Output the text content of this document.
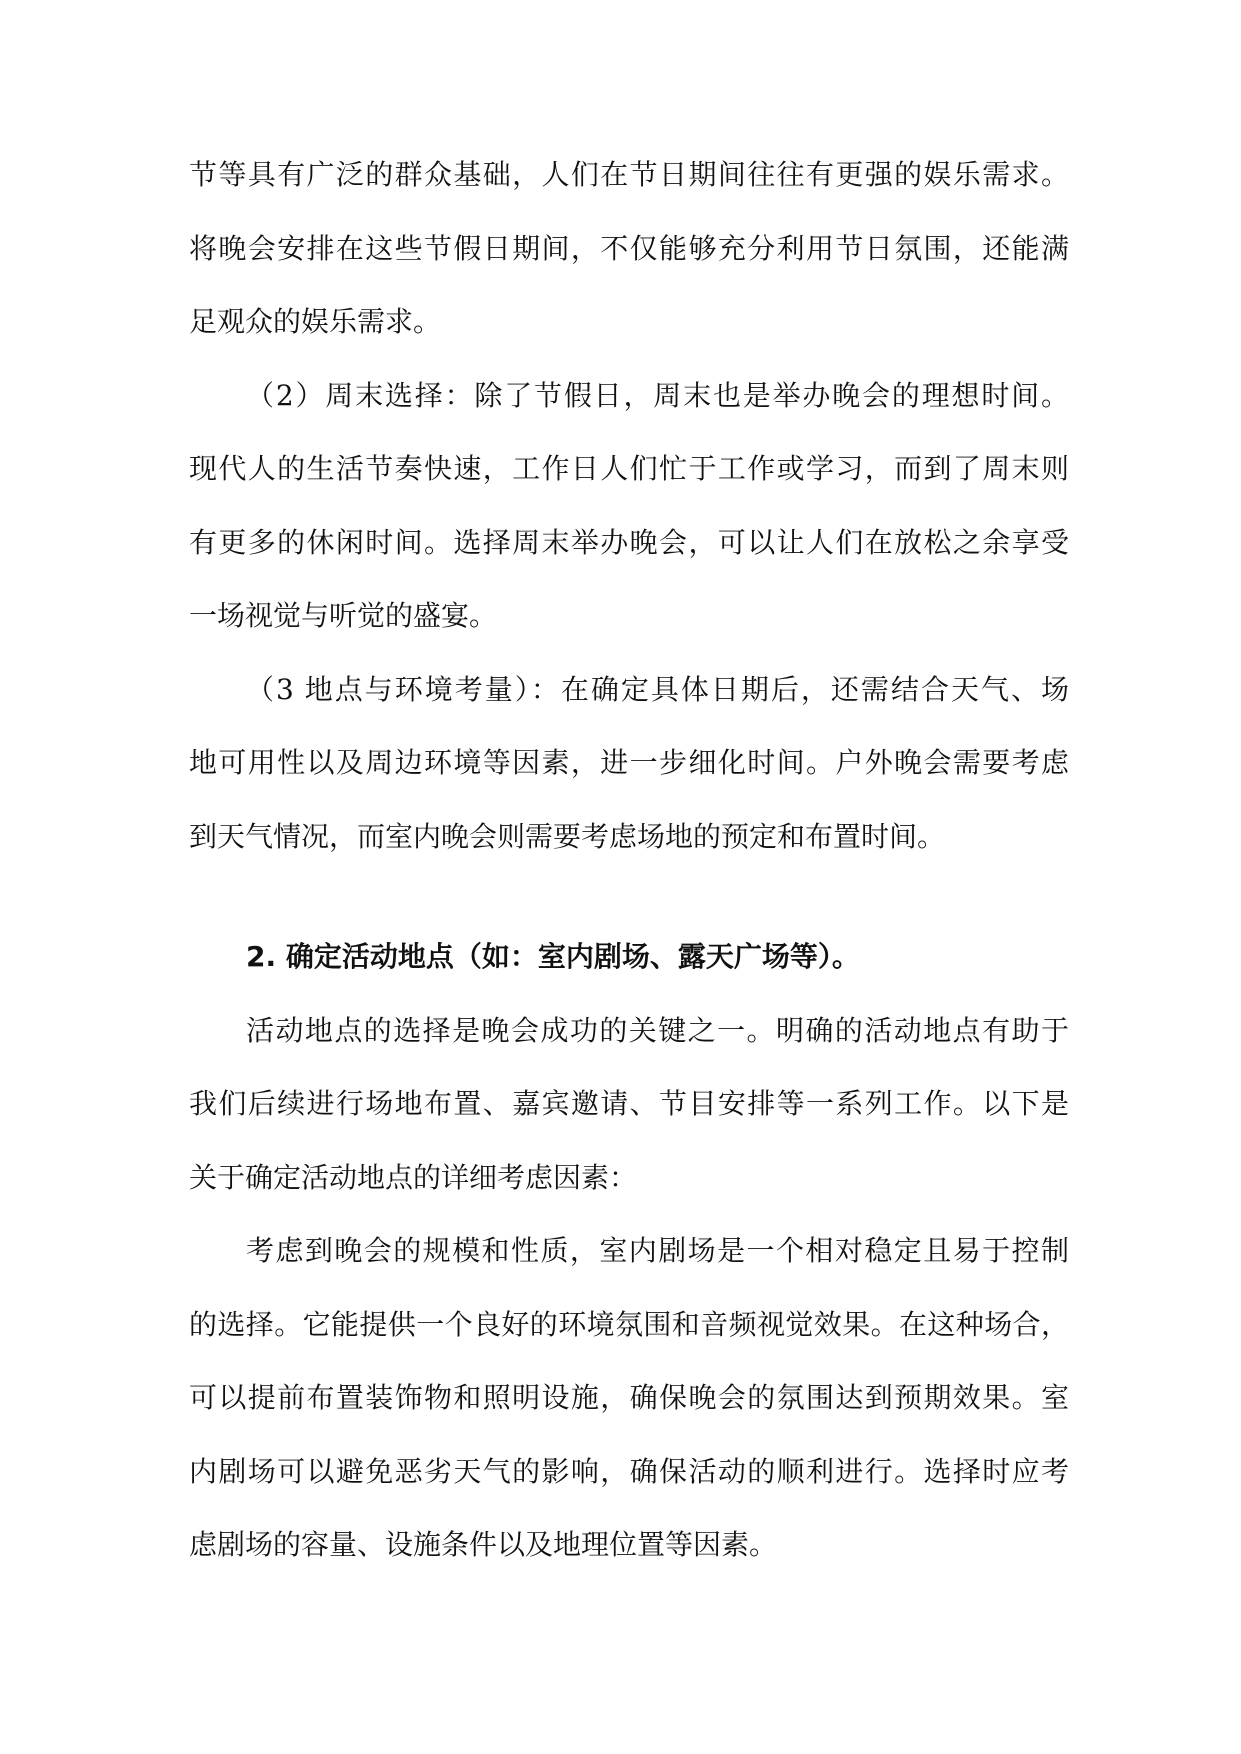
节等具有广泛的群众基础，人们在节日期间往往有更强的娱乐需求。
将晚会安排在这些节假日期间，不仅能够充分利用节日氛围，还能满
足观众的娱乐需求。
（2）周末选择：除了节假日，周末也是举办晚会的理想时间。
现代人的生活节奏快速，工作日人们忙于工作或学习，而到了周末则
有更多的休闲时间。选择周末举办晚会，可以让人们在放松之余享受
一场视觉与听觉的盛宴。
（3 地点与环境考量）：在确定具体日期后，还需结合天气、场
地可用性以及周边环境等因素，进一步细化时间。户外晚会需要考虑
到天气情况，而室内晚会则需要考虑场地的预定和布置时间。
2. 确定活动地点（如：室内剧场、露天广场等）。
活动地点的选择是晚会成功的关键之一。明确的活动地点有助于
我们后续进行场地布置、嘉宾邀请、节目安排等一系列工作。以下是
关于确定活动地点的详细考虑因素：
考虑到晚会的规模和性质，室内剧场是一个相对稳定且易于控制
的选择。它能提供一个良好的环境氛围和音频视觉效果。在这种场合，
可以提前布置装饰物和照明设施，确保晚会的氛围达到预期效果。室
内剧场可以避免恶劣天气的影响，确保活动的顺利进行。选择时应考
虑剧场的容量、设施条件以及地理位置等因素。
